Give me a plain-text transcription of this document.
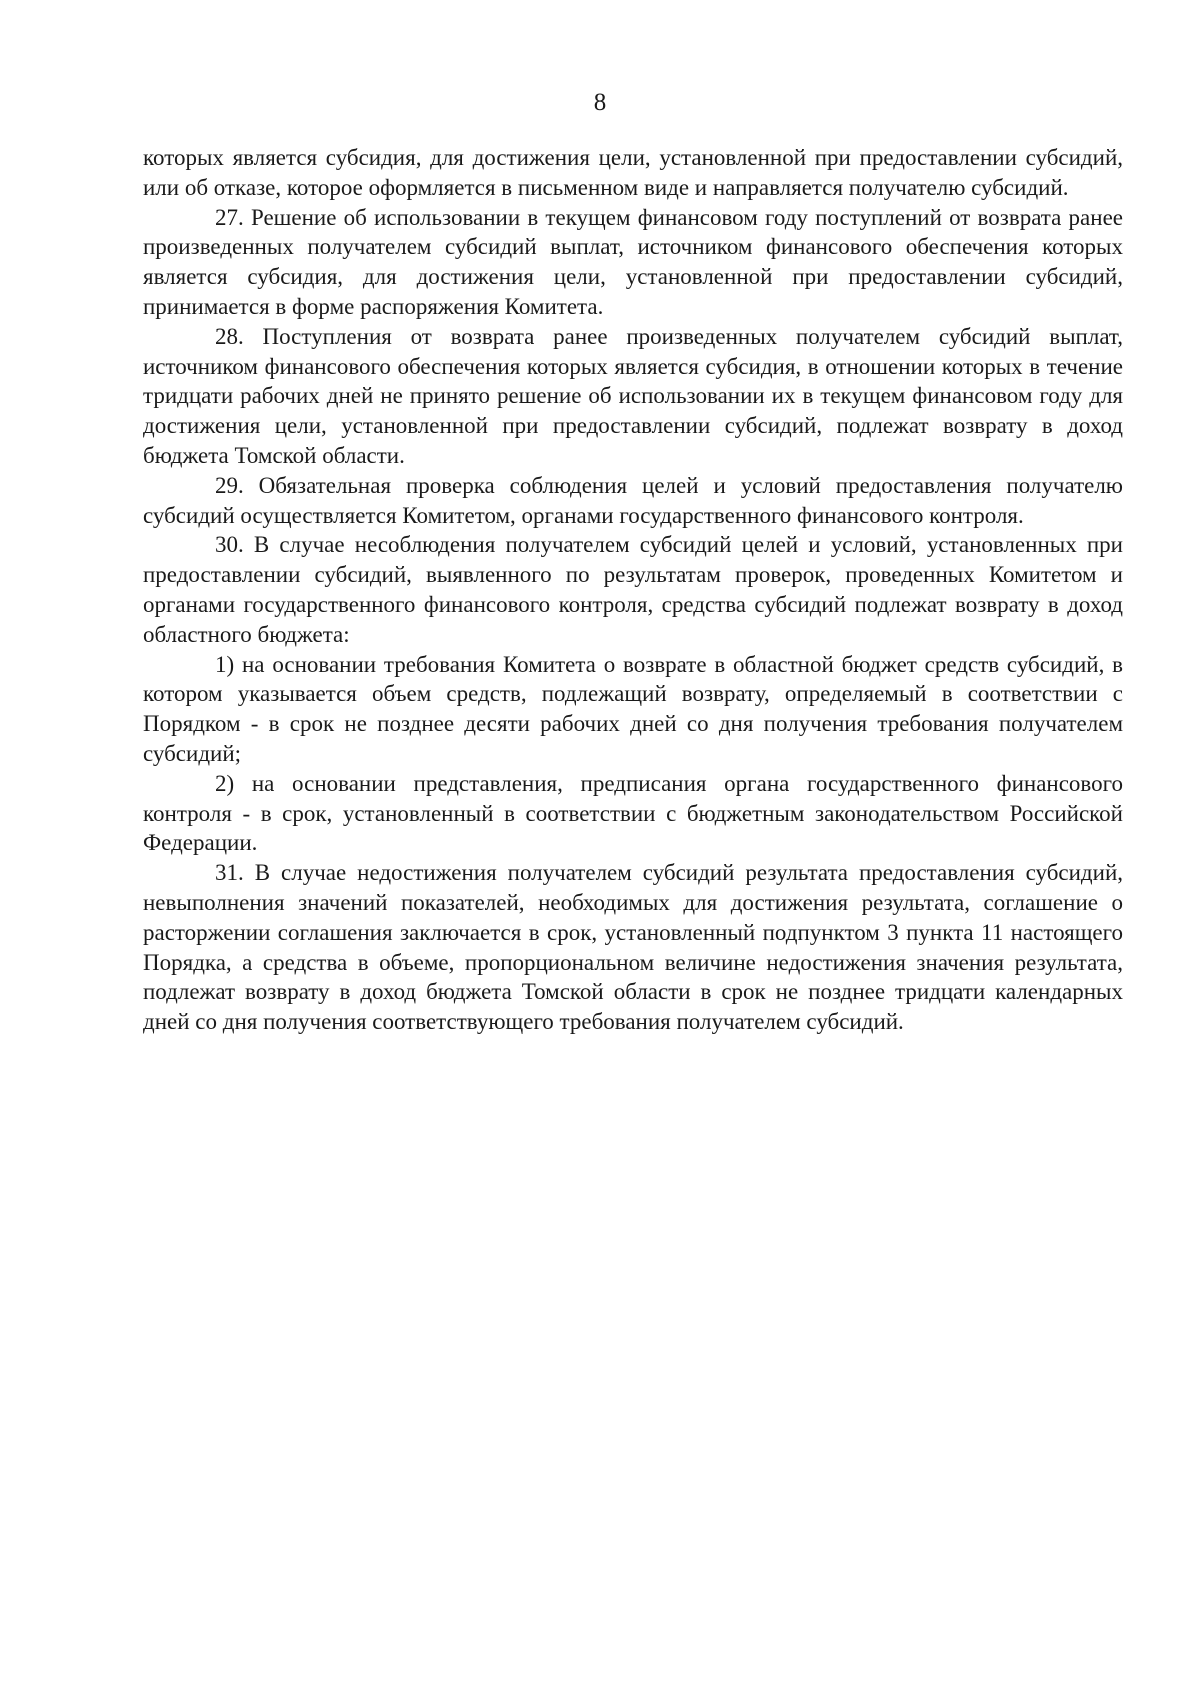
8

которых является субсидия, для достижения цели, установленной при предоставлении субсидий, или об отказе, которое оформляется в письменном виде и направляется получателю субсидий.

27. Решение об использовании в текущем финансовом году поступлений от возврата ранее произведенных получателем субсидий выплат, источником финансового обеспечения которых является субсидия, для достижения цели, установленной при предоставлении субсидий, принимается в форме распоряжения Комитета.

28. Поступления от возврата ранее произведенных получателем субсидий выплат, источником финансового обеспечения которых является субсидия, в отношении которых в течение тридцати рабочих дней не принято решение об использовании их в текущем финансовом году для достижения цели, установленной при предоставлении субсидий, подлежат возврату в доход бюджета Томской области.

29. Обязательная проверка соблюдения целей и условий предоставления получателю субсидий осуществляется Комитетом, органами государственного финансового контроля.

30. В случае несоблюдения получателем субсидий целей и условий, установленных при предоставлении субсидий, выявленного по результатам проверок, проведенных Комитетом и органами государственного финансового контроля, средства субсидий подлежат возврату в доход областного бюджета:

1) на основании требования Комитета о возврате в областной бюджет средств субсидий, в котором указывается объем средств, подлежащий возврату, определяемый в соответствии с Порядком - в срок не позднее десяти рабочих дней со дня получения требования получателем субсидий;

2) на основании представления, предписания органа государственного финансового контроля - в срок, установленный в соответствии с бюджетным законодательством Российской Федерации.

31. В случае недостижения получателем субсидий результата предоставления субсидий, невыполнения значений показателей, необходимых для достижения результата, соглашение о расторжении соглашения заключается в срок, установленный подпунктом 3 пункта 11 настоящего Порядка, а средства в объеме, пропорциональном величине недостижения значения результата, подлежат возврату в доход бюджета Томской области в срок не позднее тридцати календарных дней со дня получения соответствующего требования получателем субсидий.
